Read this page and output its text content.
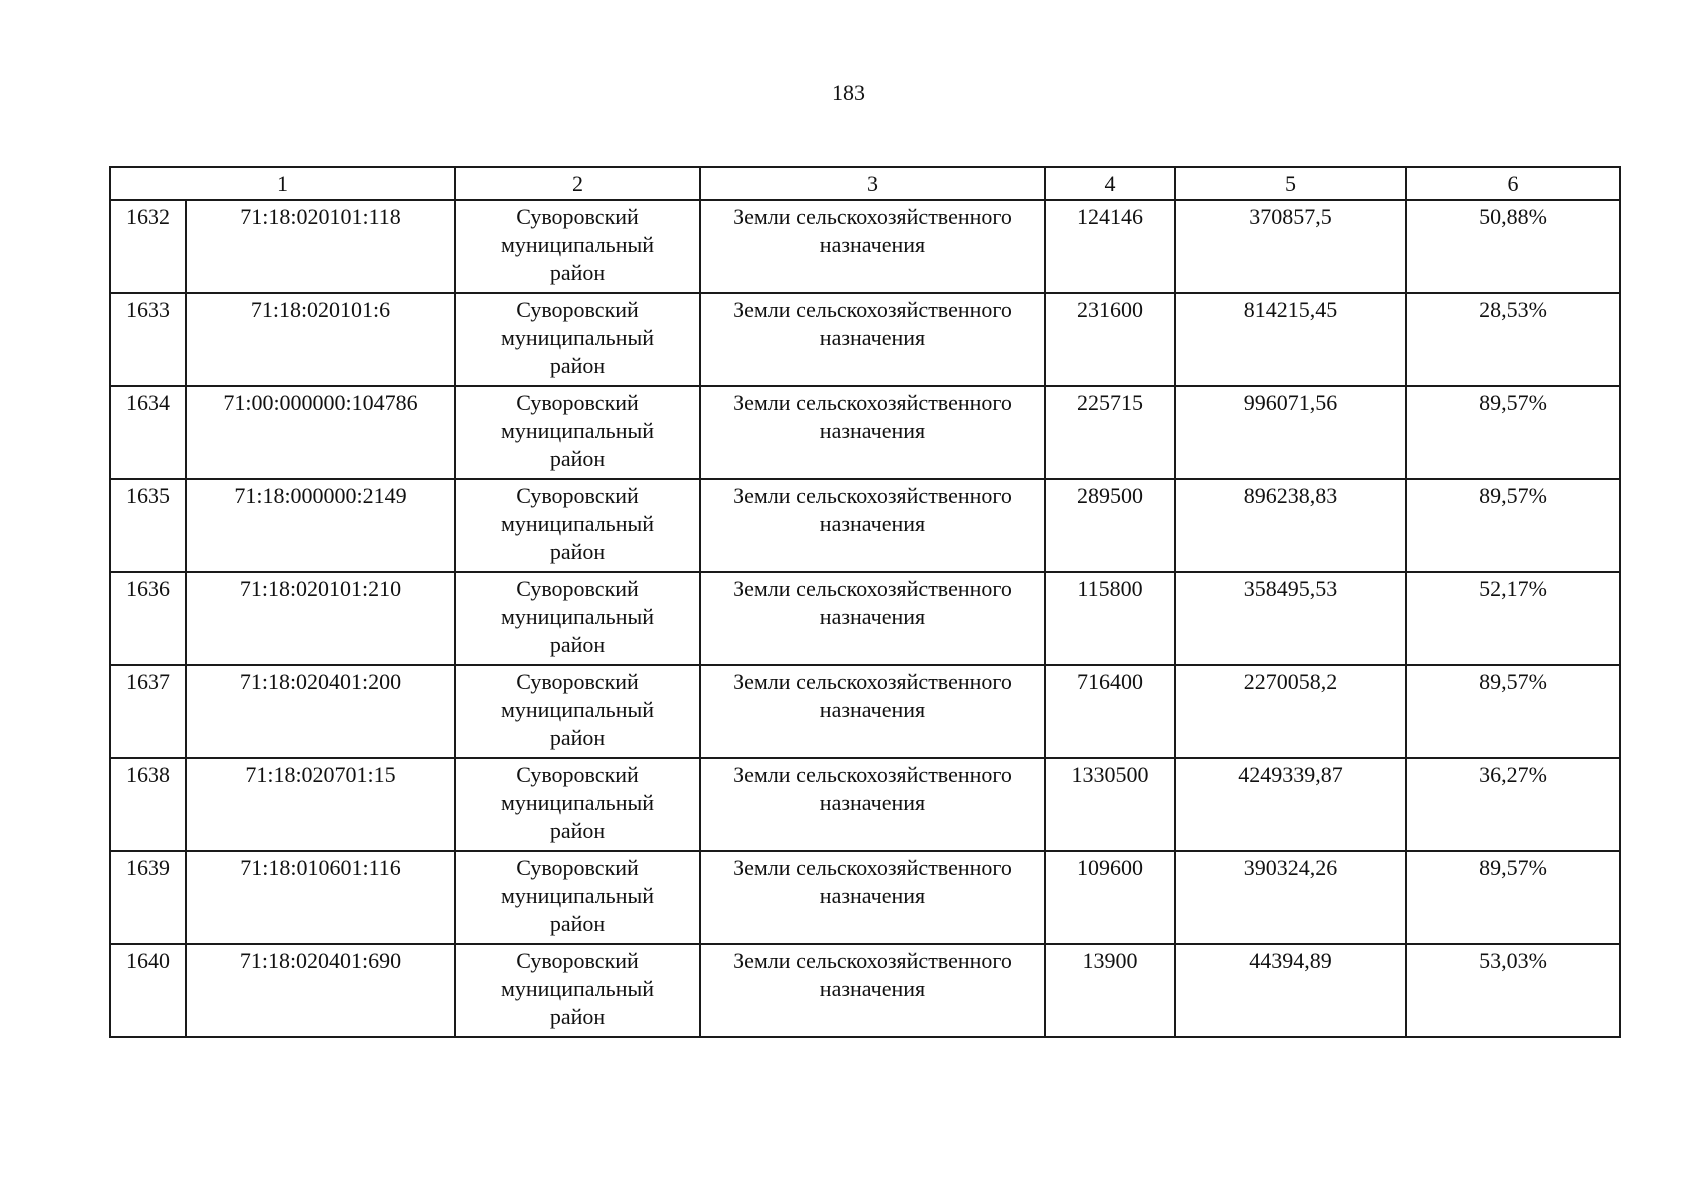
183
1		2	3	4	5	6
1632	71:18:020101:118	Суворовский
муниципальный
район	Земли сельскохозяйственного
назначения	124146	370857,5	50,88%
1633	71:18:020101:6	Суворовский
муниципальный
район	Земли сельскохозяйственного
назначения	231600	814215,45	28,53%
1634	71:00:000000:104786	Суворовский
муниципальный
район	Земли сельскохозяйственного
назначения	225715	996071,56	89,57%
1635	71:18:000000:2149	Суворовский
муниципальный
район	Земли сельскохозяйственного
назначения	289500	896238,83	89,57%
1636	71:18:020101:210	Суворовский
муниципальный
район	Земли сельскохозяйственного
назначения	115800	358495,53	52,17%
1637	71:18:020401:200	Суворовский
муниципальный
район	Земли сельскохозяйственного
назначения	716400	2270058,2	89,57%
1638	71:18:020701:15	Суворовский
муниципальный
район	Земли сельскохозяйственного
назначения	1330500	4249339,87	36,27%
1639	71:18:010601:116	Суворовский
муниципальный
район	Земли сельскохозяйственного
назначения	109600	390324,26	89,57%
1640	71:18:020401:690	Суворовский
муниципальный
район	Земли сельскохозяйственного
назначения	13900	44394,89	53,03%
